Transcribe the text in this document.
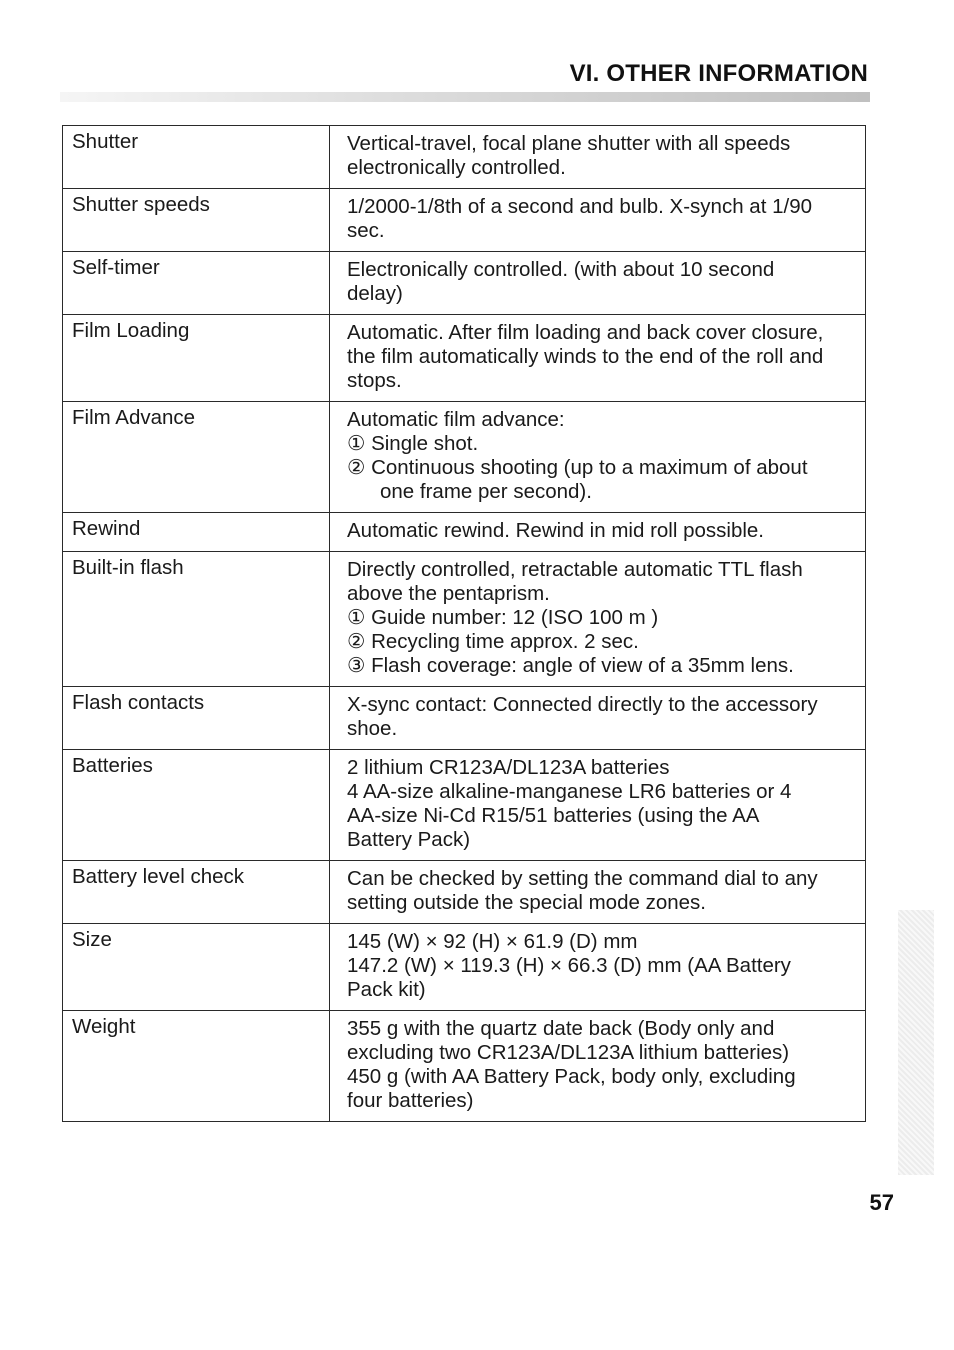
VI. OTHER INFORMATION
Shutter	Vertical-travel, focal plane shutter with all speeds
electronically controlled.

Shutter speeds	1/2000-1/8th of a second and bulb. X-synch at 1/90
sec.

Self-timer	Electronically controlled. (with about 10 second
delay)

Film Loading	Automatic. After film loading and back cover closure,
the film automatically winds to the end of the roll and
stops.

Film Advance	Automatic film advance:
① Single shot.
② Continuous shooting (up to a maximum of about
one frame per second).

Rewind	Automatic rewind. Rewind in mid roll possible.

Built-in flash	Directly controlled, retractable automatic TTL flash
above the pentaprism.
① Guide number: 12 (ISO 100 m )
② Recycling time approx. 2 sec.
③ Flash coverage: angle of view of a 35mm lens.

Flash contacts	X-sync contact: Connected directly to the accessory
shoe.

Batteries	2 lithium CR123A/DL123A batteries
4 AA-size alkaline-manganese LR6 batteries or 4
AA-size Ni-Cd R15/51 batteries (using the AA
Battery Pack)

Battery level check	Can be checked by setting the command dial to any
setting outside the special mode zones.

Size	145 (W) × 92 (H) × 61.9 (D) mm
147.2 (W) × 119.3 (H) × 66.3 (D) mm (AA Battery
Pack kit)

Weight	355 g with the quartz date back (Body only and
excluding two CR123A/DL123A lithium batteries)
450 g (with AA Battery Pack, body only, excluding
four batteries)

57
